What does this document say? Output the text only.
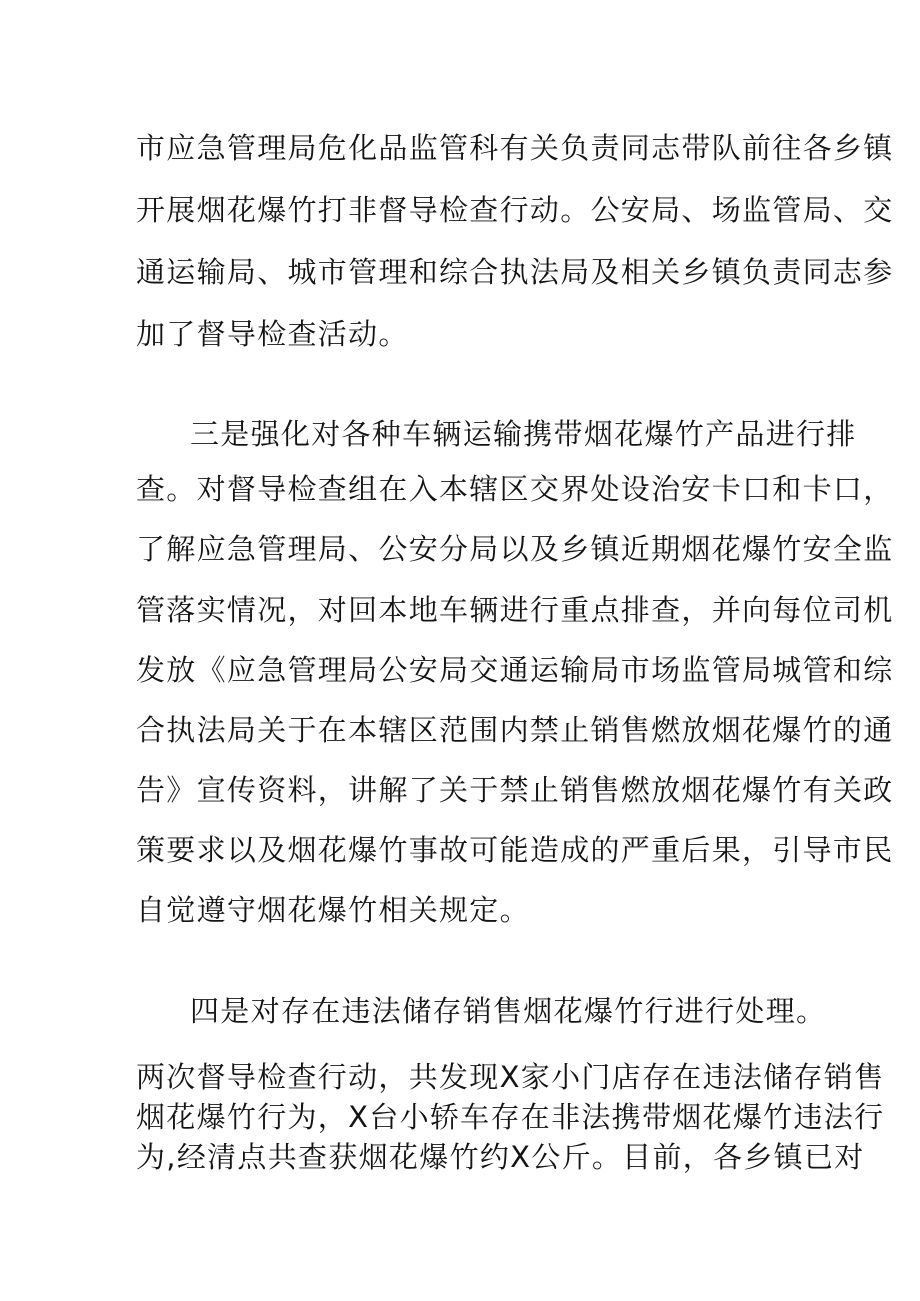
市应急管理局危化品监管科有关负责同志带队前往各乡镇
开展烟花爆竹打非督导检查行动。公安局、场监管局、交
通运输局、城市管理和综合执法局及相关乡镇负责同志参
加了督导检查活动。
三是强化对各种车辆运输携带烟花爆竹产品进行排
查。对督导检查组在入本辖区交界处设治安卡口和卡口，
了解应急管理局、公安分局以及乡镇近期烟花爆竹安全监
管落实情况，对回本地车辆进行重点排查，并向每位司机
发放《应急管理局公安局交通运输局市场监管局城管和综
合执法局关于在本辖区范围内禁止销售燃放烟花爆竹的通
告》宣传资料，讲解了关于禁止销售燃放烟花爆竹有关政
策要求以及烟花爆竹事故可能造成的严重后果，引导市民
自觉遵守烟花爆竹相关规定。
四是对存在违法储存销售烟花爆竹行进行处理。
两次督导检查行动，共发现X家小门店存在违法储存销售
烟花爆竹行为，X台小轿车存在非法携带烟花爆竹违法行
为,经清点共查获烟花爆竹约X公斤。目前，各乡镇已对
